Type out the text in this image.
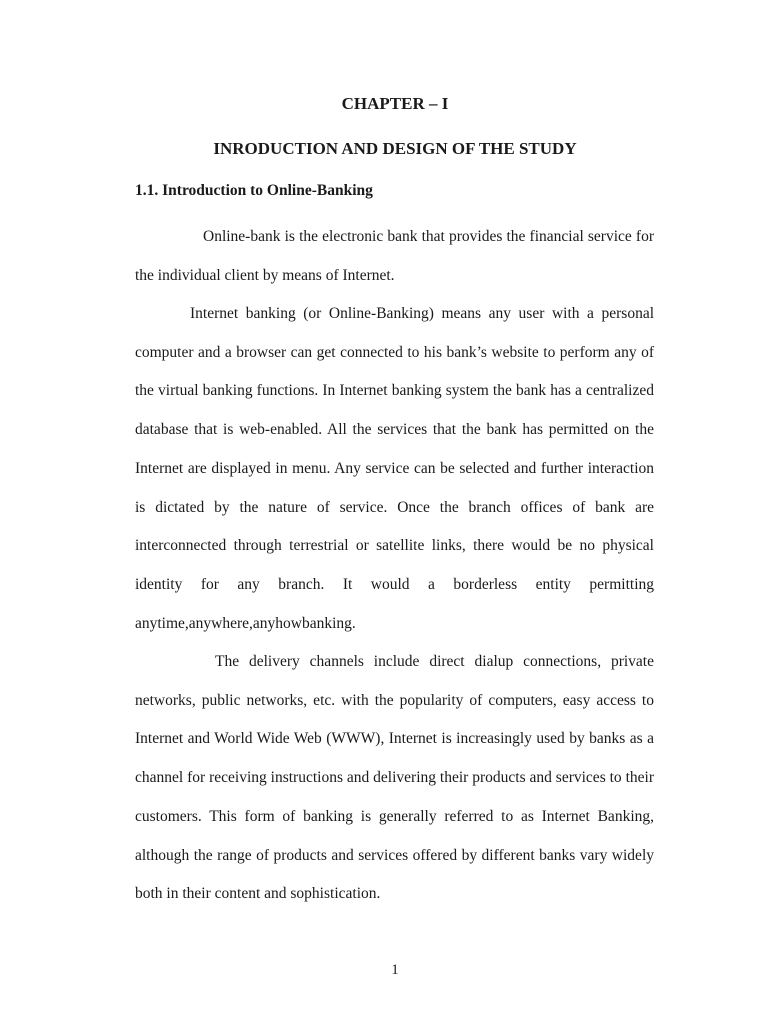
CHAPTER – I
INRODUCTION AND DESIGN OF THE STUDY
1.1. Introduction to Online-Banking

Online-bank is the electronic bank that provides the financial service for the individual client by means of Internet.

Internet banking (or Online-Banking) means any user with a personal computer and a browser can get connected to his bank’s website to perform any of the virtual banking functions. In Internet banking system the bank has a centralized database that is web-enabled. All the services that the bank has permitted on the Internet are displayed in menu. Any service can be selected and further interaction is dictated by the nature of service. Once the branch offices of bank are interconnected through terrestrial or satellite links, there would be no physical identity for any branch. It would a borderless entity permitting anytime,anywhere,anyhowbanking.

The delivery channels include direct dialup connections, private networks, public networks, etc. with the popularity of computers, easy access to Internet and World Wide Web (WWW), Internet is increasingly used by banks as a channel for receiving instructions and delivering their products and services to their customers. This form of banking is generally referred to as Internet Banking, although the range of products and services offered by different banks vary widely both in their content and sophistication.

1
